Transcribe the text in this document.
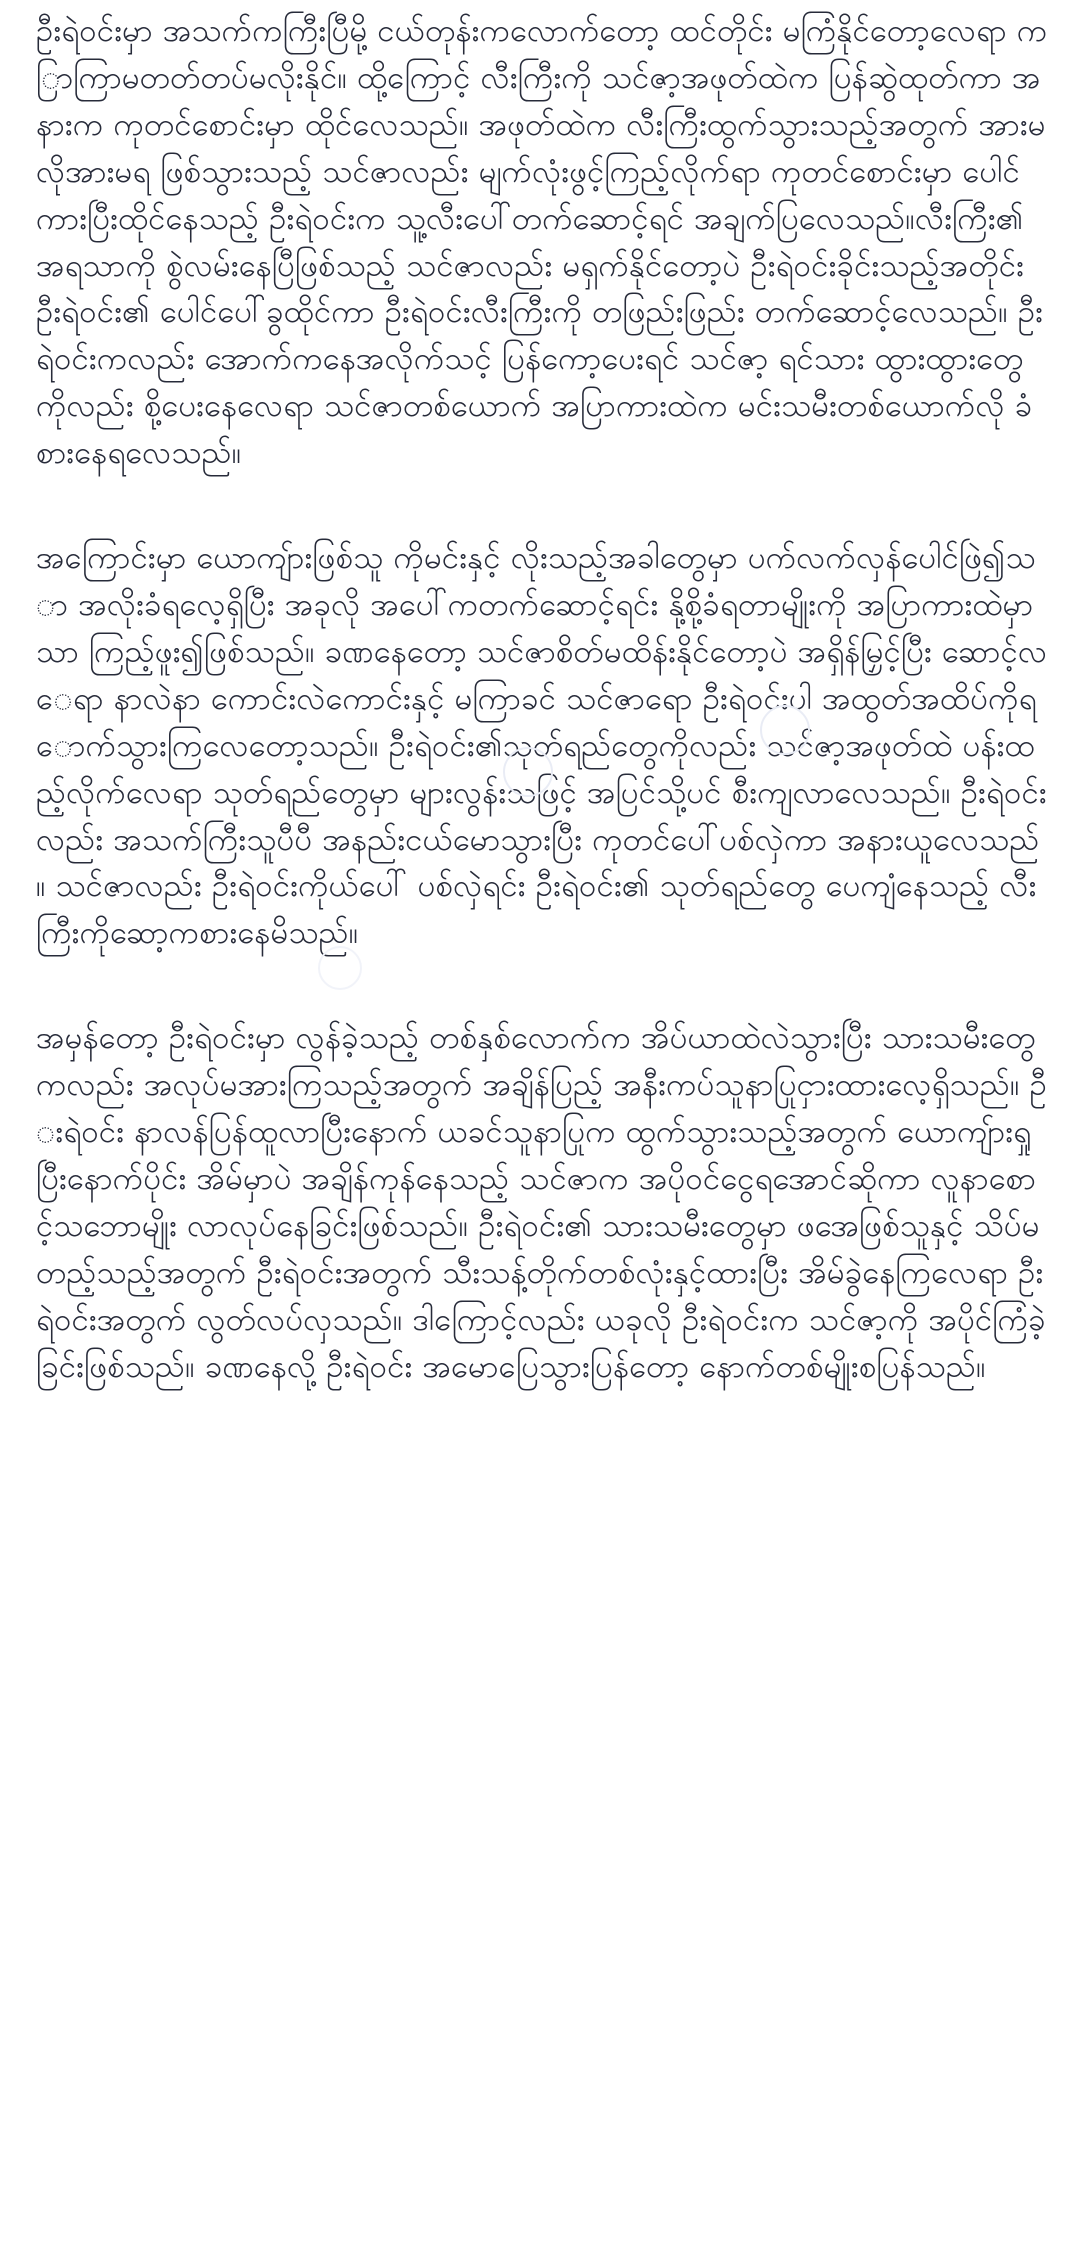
ဦးရဲဝင်းမှာ အသက်ကကြီးပြီမို့ ငယ်တုန်းကလောက်တော့ ထင်တိုင်း မကြံနိုင်တော့လေရာ ကြာကြာမတတ်တပ်မလိုးနိုင်။ ထို့ကြောင့် လီးကြီးကို သင်ဇာ့အဖုတ်ထဲက ပြန်ဆွဲထုတ်ကာ အနားက ကုတင်စောင်းမှာ ထိုင်လေသည်။ အဖုတ်ထဲက လီးကြီးထွက်သွားသည့်အတွက် အားမလိုအားမရ ဖြစ်သွားသည့် သင်ဇာလည်း မျက်လုံးဖွင့်ကြည့်လိုက်ရာ ကုတင်စောင်းမှာ ပေါင်ကားပြီးထိုင်နေသည့် ဦးရဲဝင်းက သူ့လီးပေါ်တက်ဆောင့်ရင် အချက်ပြလေသည်။လီးကြီး၏ အရသာကို စွဲလမ်းနေပြီဖြစ်သည့် သင်ဇာလည်း မရှက်နိုင်တော့ပဲ ဦးရဲဝင်းခိုင်းသည့်အတိုင်း ဦးရဲဝင်း၏ ပေါင်ပေါ်ခွထိုင်ကာ ဦးရဲဝင်းလီးကြီးကို တဖြည်းဖြည်း တက်ဆောင့်လေသည်။ ဦးရဲဝင်းကလည်း အောက်ကနေအလိုက်သင့် ပြန်ကော့ပေးရင် သင်ဇာ့ ရင်သား ထွားထွားတွေကိုလည်း စို့ပေးနေလေရာ သင်ဇာတစ်ယောက် အပြာကားထဲက မင်းသမီးတစ်ယောက်လို ခံစားနေရလေသည်။

အကြောင်းမှာ ယောကျ်ားဖြစ်သူ ကိုမင်းနှင့် လိုးသည့်အခါတွေမှာ ပက်လက်လှန်ပေါင်ဖြဲ၍သာ အလိုးခံရလေ့ရှိပြီး အခုလို အပေါ်ကတက်ဆောင့်ရင်း နို့စို့ခံရတာမျိုးကို အပြာကားထဲမှာသာ ကြည့်ဖူး၍ဖြစ်သည်။ ခဏနေတော့ သင်ဇာစိတ်မထိန်းနိုင်တော့ပဲ အရှိန်မြှင့်ပြီး ဆောင့်လေရာ နာလဲနာ ကောင်းလဲကောင်းနှင့် မကြာခင် သင်ဇာရော ဦးရဲဝင်းပါ အထွတ်အထိပ်ကိုရောက်သွားကြလေတော့သည်။ ဦးရဲဝင်း၏သုတ်ရည်တွေကိုလည်း သင်ဇာ့အဖုတ်ထဲ ပန်းထည့်လိုက်လေရာ သုတ်ရည်တွေမှာ များလွန်းသဖြင့် အပြင်သို့ပင် စီးကျလာလေသည်။ ဦးရဲဝင်းလည်း အသက်ကြီးသူပီပီ အနည်းငယ်မောသွားပြီး ကုတင်ပေါ်ပစ်လှဲကာ အနားယူလေသည်။ သင်ဇာလည်း ဦးရဲဝင်းကိုယ်ပေါ် ပစ်လှဲရင်း ဦးရဲဝင်း၏ သုတ်ရည်တွေ ပေကျံနေသည့် လီးကြီးကိုဆော့ကစားနေမိသည်။

အမှန်တော့ ဦးရဲဝင်းမှာ လွန်ခဲ့သည့် တစ်နှစ်လောက်က အိပ်ယာထဲလဲသွားပြီး သားသမီးတွေကလည်း အလုပ်မအားကြသည့်အတွက် အချိန်ပြည့် အနီးကပ်သူနာပြုငှားထားလေ့ရှိသည်။ ဦးရဲဝင်း နာလန်ပြန်ထူလာပြီးနောက် ယခင်သူနာပြုက ထွက်သွားသည့်အတွက် ယောကျ်ားရှုပြီးနောက်ပိုင်း အိမ်မှာပဲ အချိန်ကုန်နေသည့် သင်ဇာက အပိုဝင်ငွေရအောင်ဆိုကာ လူနာစောင့်သဘောမျိုး လာလုပ်နေခြင်းဖြစ်သည်။ ဦးရဲဝင်း၏ သားသမီးတွေမှာ ဖအေဖြစ်သူနှင့် သိပ်မတည့်သည့်အတွက် ဦးရဲဝင်းအတွက် သီးသန့်တိုက်တစ်လုံးနှင့်ထားပြီး အိမ်ခွဲနေကြလေရာ ဦးရဲဝင်းအတွက် လွတ်လပ်လှသည်။ ဒါကြောင့်လည်း ယခုလို ဦးရဲဝင်းက သင်ဇာ့ကို အပိုင်ကြံခဲ့ခြင်းဖြစ်သည်။ ခဏနေလို့ ဦးရဲဝင်း အမောပြေသွားပြန်တော့ နောက်တစ်မျိုးစပြန်သည်။
